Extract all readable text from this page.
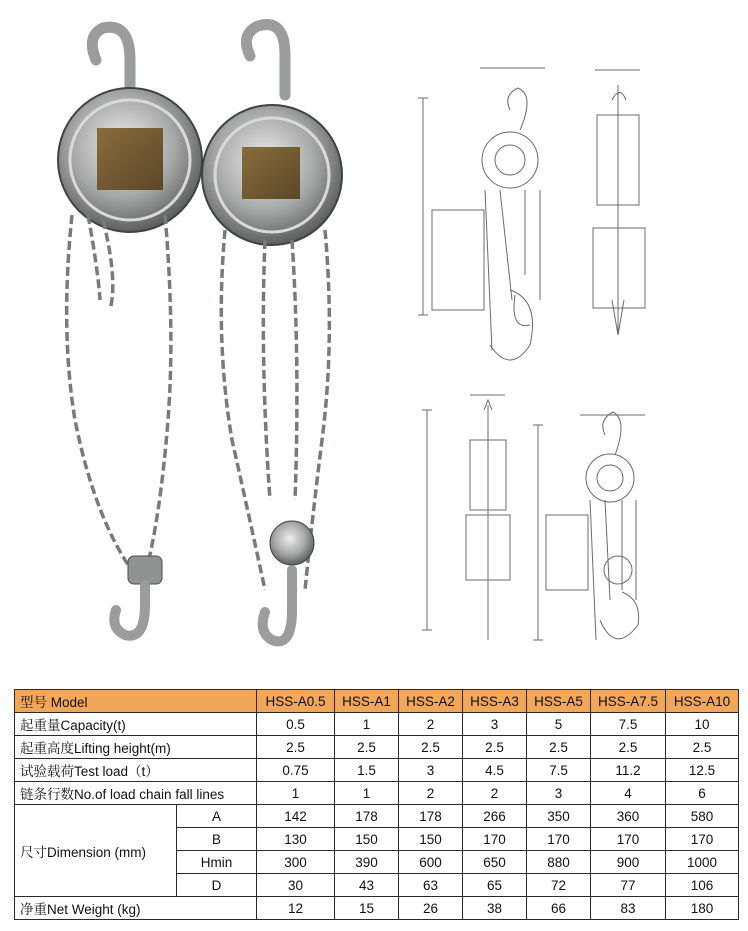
型号 Model		HSS-A0.5	HSS-A1	HSS-A2	HSS-A3	HSS-A5	HSS-A7.5	HSS-A10
起重量Capacity(t)		0.5	1	2	3	5	7.5	10
起重高度Lifting height(m)		2.5	2.5	2.5	2.5	2.5	2.5	2.5
试验载荷Test load（t）		0.75	1.5	3	4.5	7.5	11.2	12.5
链条行数No.of load chain fall lines		1	1	2	2	3	4	6
尺寸Dimension (mm)	A	142	178	178	266	350	360	580
	B	130	150	150	170	170	170	170
	Hmin	300	390	600	650	880	900	1000
	D	30	43	63	65	72	77	106
净重Net Weight (kg)		12	15	26	38	66	83	180
